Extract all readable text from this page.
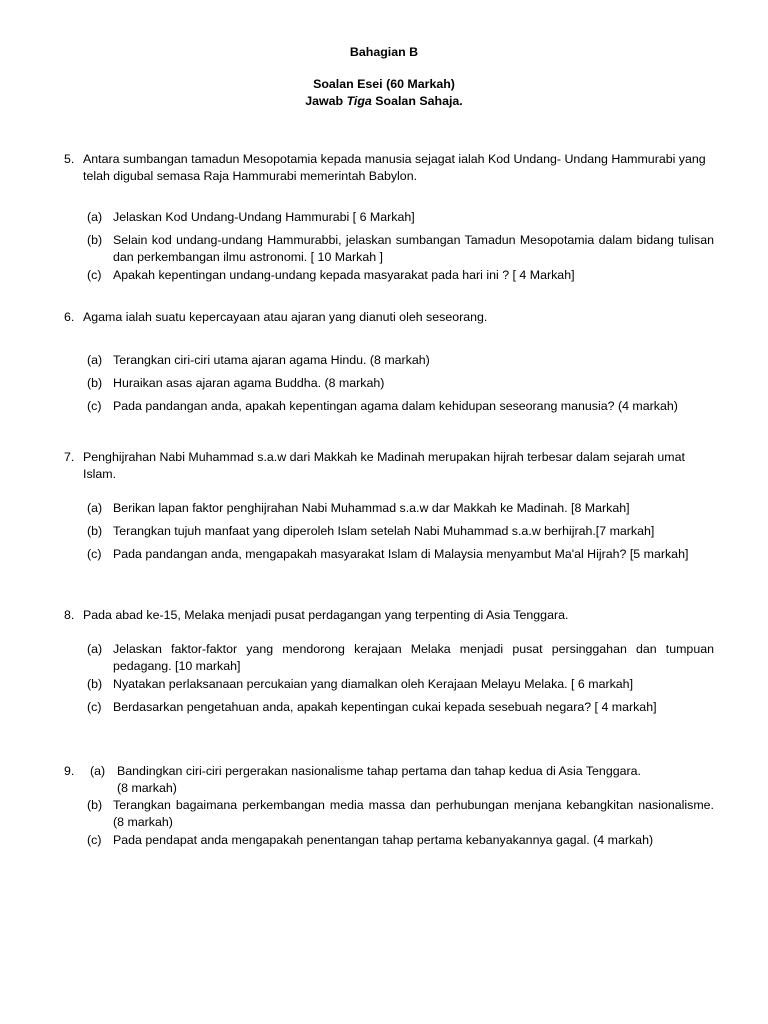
Bahagian B
Soalan Esei (60 Markah)
Jawab Tiga Soalan Sahaja.
5. Antara sumbangan tamadun Mesopotamia kepada manusia sejagat ialah Kod Undang- Undang Hammurabi yang telah digubal semasa Raja Hammurabi memerintah Babylon.
(a) Jelaskan Kod Undang-Undang Hammurabi [ 6 Markah]
(b) Selain kod undang-undang Hammurabbi, jelaskan sumbangan Tamadun Mesopotamia dalam bidang tulisan dan perkembangan ilmu astronomi. [ 10 Markah ]
(c) Apakah kepentingan undang-undang kepada masyarakat pada hari ini ? [ 4 Markah]
6. Agama ialah suatu kepercayaan atau ajaran yang dianuti oleh seseorang.
(a) Terangkan ciri-ciri utama ajaran agama Hindu. (8 markah)
(b) Huraikan asas ajaran agama Buddha. (8 markah)
(c) Pada pandangan anda, apakah kepentingan agama dalam kehidupan seseorang manusia? (4 markah)
7. Penghijrahan Nabi Muhammad s.a.w dari Makkah ke Madinah merupakan hijrah terbesar dalam sejarah umat Islam.
(a) Berikan lapan faktor penghijrahan Nabi Muhammad s.a.w dar Makkah ke Madinah. [8 Markah]
(b) Terangkan tujuh manfaat yang diperoleh Islam setelah Nabi Muhammad s.a.w berhijrah.[7 markah]
(c) Pada pandangan anda, mengapakah masyarakat Islam di Malaysia menyambut Ma'al Hijrah? [5 markah]
8. Pada abad ke-15, Melaka menjadi pusat perdagangan yang terpenting di Asia Tenggara.
(a) Jelaskan faktor-faktor yang mendorong kerajaan Melaka menjadi pusat persinggahan dan tumpuan pedagang. [10 markah]
(b) Nyatakan perlaksanaan percukaian yang diamalkan oleh Kerajaan Melayu Melaka. [ 6 markah]
(c) Berdasarkan pengetahuan anda, apakah kepentingan cukai kepada sesebuah negara? [ 4 markah]
9.	(a) Bandingkan ciri-ciri pergerakan nasionalisme tahap pertama dan tahap kedua di Asia Tenggara.
(8 markah)
(b) Terangkan bagaimana perkembangan media massa dan perhubungan menjana kebangkitan nasionalisme. (8 markah)
(c) Pada pendapat anda mengapakah penentangan tahap pertama kebanyakannya gagal. (4 markah)
